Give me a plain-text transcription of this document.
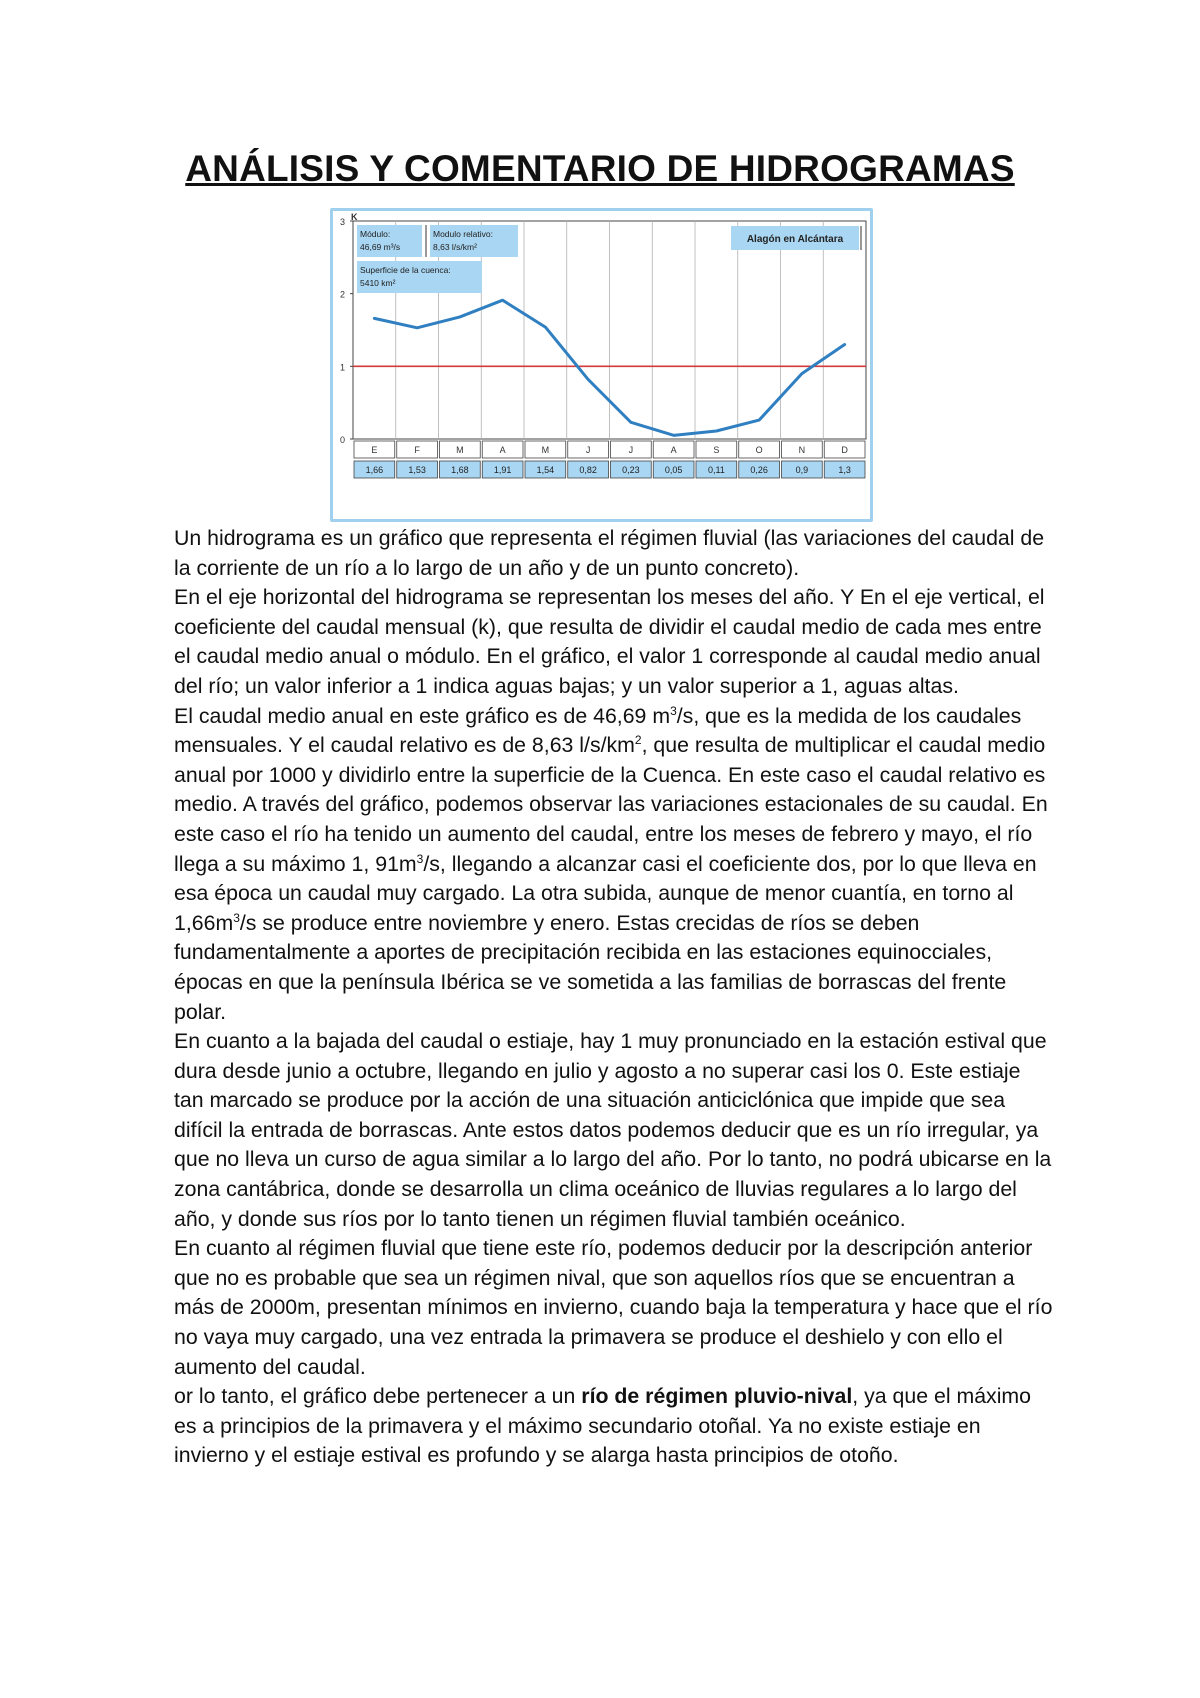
ANÁLISIS Y COMENTARIO DE HIDROGRAMAS
0
1
2
3 K
Módulo:
46,69 m³/s
Modulo relativo:
8,63 l/s/km²
Superficie de la cuenca:
5410 km²
Alagón en Alcántara
E
1,66
F
1,53
M
1,68
A
1,91
M
1,54
J
0,82
J
0,23
A
0,05
S
0,11
O
0,26
N
0,9
D
1,3

Un hidrograma es un gráfico que representa el régimen fluvial (las variaciones del caudal de la corriente de un río a lo largo de un año y de un punto concreto).

En el eje horizontal del hidrograma se representan los meses del año. Y En el eje vertical, el coeficiente del caudal mensual (k), que resulta de dividir el caudal medio de cada mes entre el caudal medio anual o módulo. En el gráfico, el valor 1 corresponde al caudal medio anual del río; un valor inferior a 1 indica aguas bajas; y un valor superior a 1, aguas altas.

El caudal medio anual en este gráfico es de 46,69 $m^3/s$, que es la medida de los caudales mensuales. Y el caudal relativo es de 8,63 $l/s/km^2$, que resulta de multiplicar el caudal medio anual por 1000 y dividirlo entre la superficie de la Cuenca. En este caso el caudal relativo es medio. A través del gráfico, podemos observar las variaciones estacionales de su caudal. En este caso el río ha tenido un aumento del caudal, entre los meses de febrero y mayo, el río llega a su máximo 1, $91m^3/s$, llegando a alcanzar casi el coeficiente dos, por lo que lleva en esa época un caudal muy cargado. La otra subida, aunque de menor cuantía, en torno al $1,66m^3/s$ se produce entre noviembre y enero. Estas crecidas de ríos se deben fundamentalmente a aportes de precipitación recibida en las estaciones equinocciales, épocas en que la península Ibérica se ve sometida a las familias de borrascas del frente polar.

En cuanto a la bajada del caudal o estiaje, hay 1 muy pronunciado en la estación estival que dura desde junio a octubre, llegando en julio y agosto a no superar casi los 0. Este estiaje tan marcado se produce por la acción de una situación anticiclónica que impide que sea difícil la entrada de borrascas. Ante estos datos podemos deducir que es un río irregular, ya que no lleva un curso de agua similar a lo largo del año. Por lo tanto, no podrá ubicarse en la zona cantábrica, donde se desarrolla un clima oceánico de lluvias regulares a lo largo del año, y donde sus ríos por lo tanto tienen un régimen fluvial también oceánico.

En cuanto al régimen fluvial que tiene este río, podemos deducir por la descripción anterior que no es probable que sea un régimen nival, que son aquellos ríos que se encuentran a más de 2000m, presentan mínimos en invierno, cuando baja la temperatura y hace que el río no vaya muy cargado, una vez entrada la primavera se produce el deshielo y con ello el aumento del caudal.

or lo tanto, el gráfico debe pertenecer a un río de régimen pluvio-nival, ya que el máximo es a principios de la primavera y el máximo secundario otoñal. Ya no existe estiaje en invierno y el estiaje estival es profundo y se alarga hasta principios de otoño.
